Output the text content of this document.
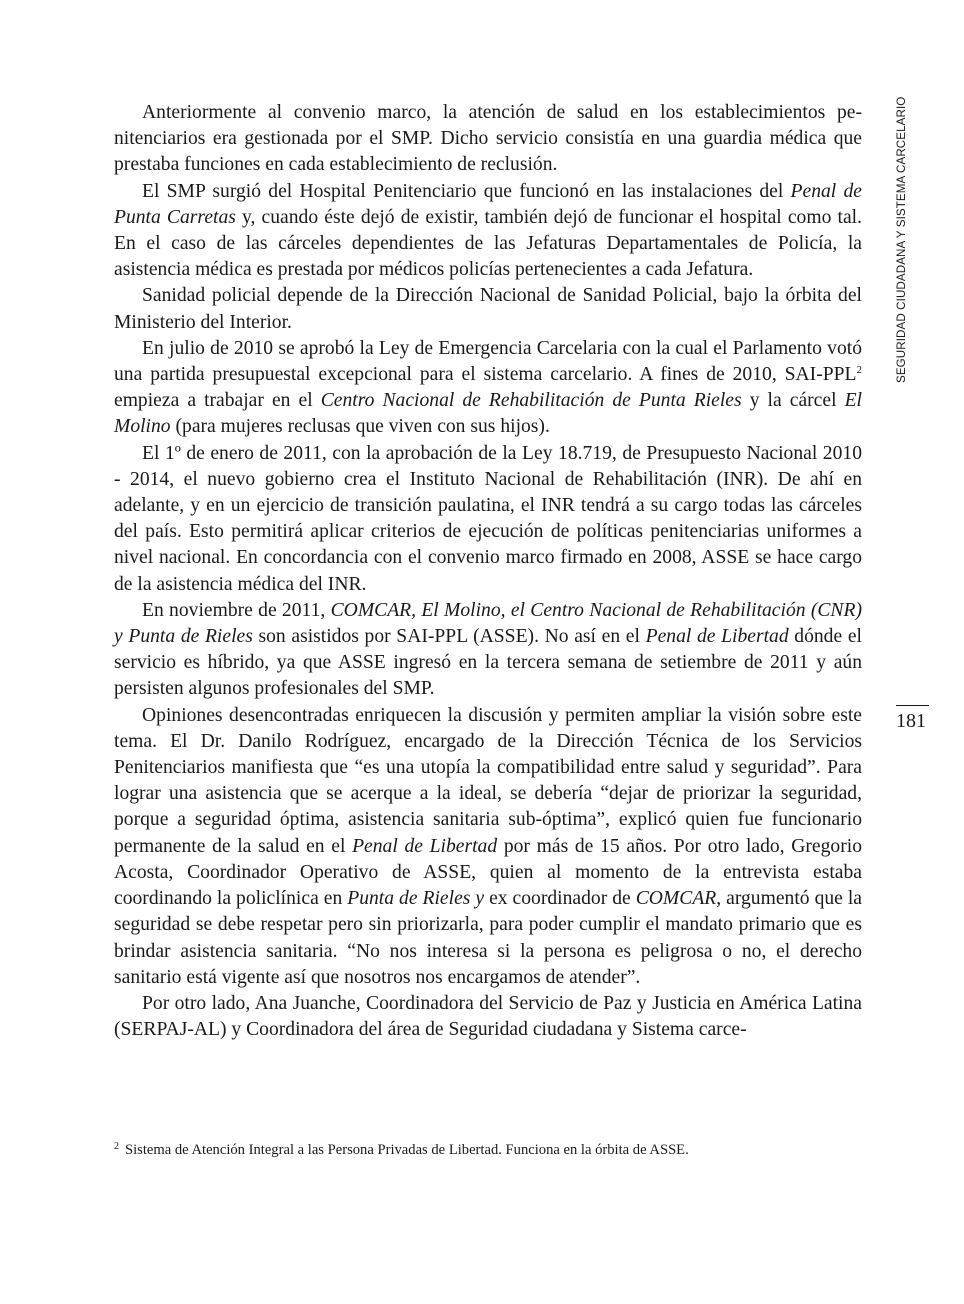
SEGURIDAD CIUDADANA Y SISTEMA CARCELARIO
181

Anteriormente al convenio marco, la atención de salud en los establecimientos penitenciarios era gestionada por el SMP. Dicho servicio consistía en una guardia médica que prestaba funciones en cada establecimiento de reclusión.

El SMP surgió del Hospital Penitenciario que funcionó en las instalaciones del Penal de Punta Carretas y, cuando éste dejó de existir, también dejó de funcionar el hospital como tal. En el caso de las cárceles dependientes de las Jefaturas Departamentales de Policía, la asistencia médica es prestada por médicos policías pertenecientes a cada Jefatura.

Sanidad policial depende de la Dirección Nacional de Sanidad Policial, bajo la órbita del Ministerio del Interior.

En julio de 2010 se aprobó la Ley de Emergencia Carcelaria con la cual el Parlamento votó una partida presupuestal excepcional para el sistema carcelario. A fines de 2010, SAI-PPL$^2$ empieza a trabajar en el Centro Nacional de Rehabilitación de Punta Rieles y la cárcel El Molino (para mujeres reclusas que viven con sus hijos).

El 1º de enero de 2011, con la aprobación de la Ley 18.719, de Presupuesto Nacional 2010 - 2014, el nuevo gobierno crea el Instituto Nacional de Rehabilitación (INR). De ahí en adelante, y en un ejercicio de transición paulatina, el INR tendrá a su cargo todas las cárceles del país. Esto permitirá aplicar criterios de ejecución de políticas penitenciarias uniformes a nivel nacional. En concordancia con el convenio marco firmado en 2008, ASSE se hace cargo de la asistencia médica del INR.

En noviembre de 2011, COMCAR, El Molino, el Centro Nacional de Rehabilitación (CNR) y Punta de Rieles son asistidos por SAI-PPL (ASSE). No así en el Penal de Libertad dónde el servicio es híbrido, ya que ASSE ingresó en la tercera semana de setiembre de 2011 y aún persisten algunos profesionales del SMP.

Opiniones desencontradas enriquecen la discusión y permiten ampliar la visión sobre este tema. El Dr. Danilo Rodríguez, encargado de la Dirección Técnica de los Servicios Penitenciarios manifiesta que “es una utopía la compatibilidad entre salud y seguridad”. Para lograr una asistencia que se acerque a la ideal, se debería “dejar de priorizar la seguridad, porque a seguridad óptima, asistencia sanitaria sub-óptima”, explicó quien fue funcionario permanente de la salud en el Penal de Libertad por más de 15 años. Por otro lado, Gregorio Acosta, Coordinador Operativo de ASSE, quien al momento de la entrevista estaba coordinando la policlínica en Punta de Rieles y ex coordinador de COMCAR, argumentó que la seguridad se debe respetar pero sin priorizarla, para poder cumplir el mandato primario que es brindar asistencia sanitaria. “No nos interesa si la persona es peligrosa o no, el derecho sanitario está vigente así que nosotros nos encargamos de atender”.

Por otro lado, Ana Juanche, Coordinadora del Servicio de Paz y Justicia en América Latina (SERPAJ-AL) y Coordinadora del área de Seguridad ciudadana y Sistema carce-

$^2$ Sistema de Atención Integral a las Persona Privadas de Libertad. Funciona en la órbita de ASSE.
